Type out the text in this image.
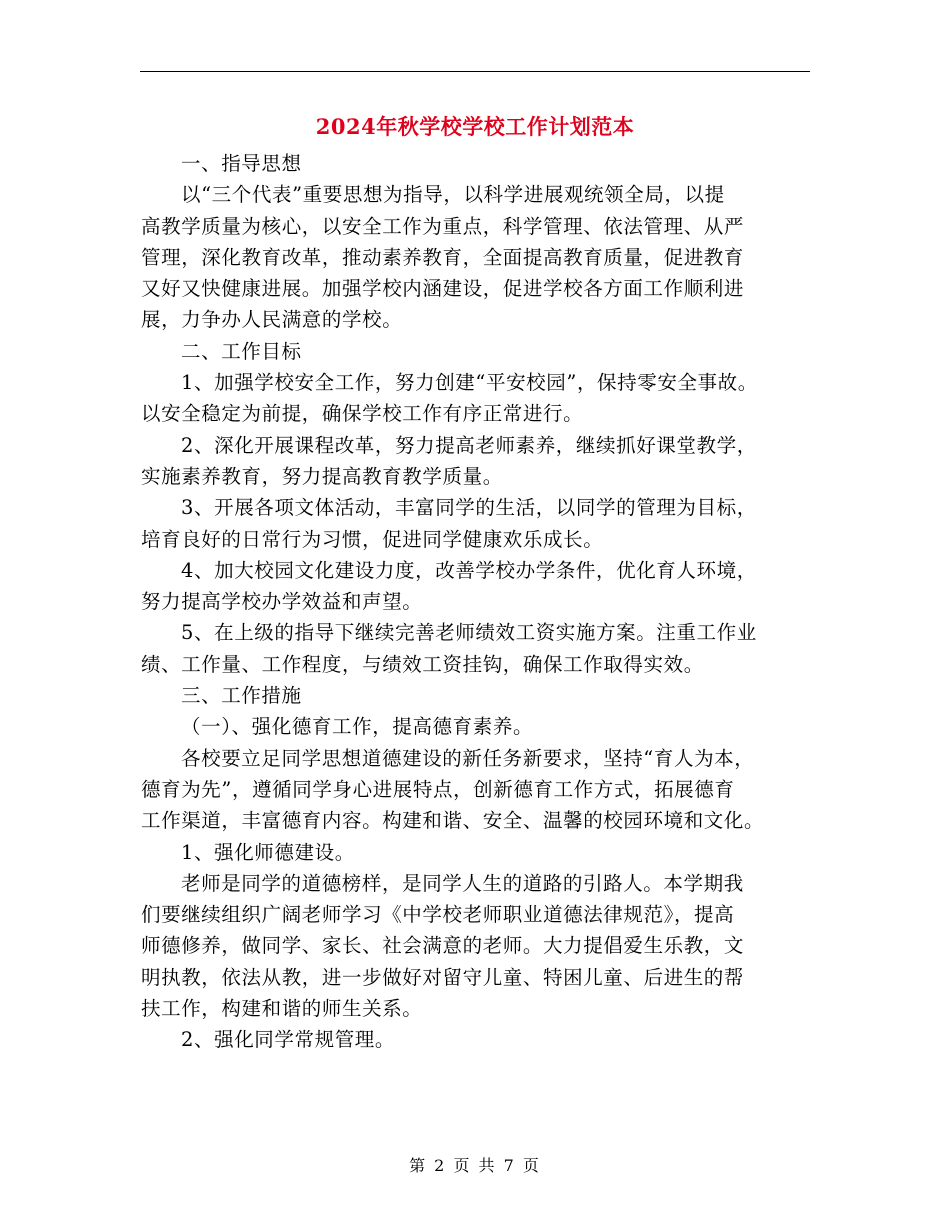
2024年秋学校学校工作计划范本
一、指导思想
以“三个代表”重要思想为指导，以科学进展观统领全局，以提
高教学质量为核心，以安全工作为重点，科学管理、依法管理、从严
管理，深化教育改革，推动素养教育，全面提高教育质量，促进教育
又好又快健康进展。加强学校内涵建设，促进学校各方面工作顺利进
展，力争办人民满意的学校。
二、工作目标
1、加强学校安全工作，努力创建“平安校园”，保持零安全事故。
以安全稳定为前提，确保学校工作有序正常进行。
2、深化开展课程改革，努力提高老师素养，继续抓好课堂教学，
实施素养教育，努力提高教育教学质量。
3、开展各项文体活动，丰富同学的生活，以同学的管理为目标，
培育良好的日常行为习惯，促进同学健康欢乐成长。
4、加大校园文化建设力度，改善学校办学条件，优化育人环境，
努力提高学校办学效益和声望。
5、在上级的指导下继续完善老师绩效工资实施方案。注重工作业
绩、工作量、工作程度，与绩效工资挂钩，确保工作取得实效。
三、工作措施
（一）、强化德育工作，提高德育素养。
各校要立足同学思想道德建设的新任务新要求，坚持“育人为本，
德育为先”，遵循同学身心进展特点，创新德育工作方式，拓展德育
工作渠道，丰富德育内容。构建和谐、安全、温馨的校园环境和文化。
1、强化师德建设。
老师是同学的道德榜样，是同学人生的道路的引路人。本学期我
们要继续组织广阔老师学习《中学校老师职业道德法律规范》，提高
师德修养，做同学、家长、社会满意的老师。大力提倡爱生乐教，文
明执教，依法从教，进一步做好对留守儿童、特困儿童、后进生的帮
扶工作，构建和谐的师生关系。
2、强化同学常规管理。
第 2 页 共 7 页
